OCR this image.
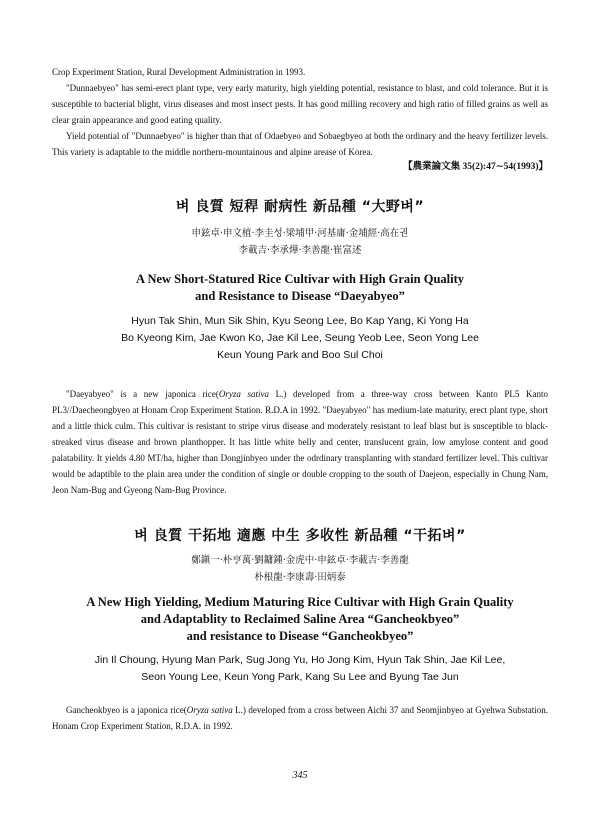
Crop Experiment Station, Rural Development Administration in 1993.

"Dunnaebyeo" has semi-erect plant type, very early maturity, high yielding potential, resistance to blast, and cold tolerance. But it is susceptible to bacterial blight, virus diseases and most insect pests. It has good milling recovery and high ratio of filled grains as well as clear grain appearance and good eating quality.

Yield potential of "Dunnaebyeo" is higher than that of Odaebyeo and Sobaegbyeo at both the ordinary and the heavy fertilizer levels. This variety is adaptable to the middle northern-mountainous and alpine arease of Korea.

【農業論文集 35(2):47∼54(1993)】

벼 良質 短稈 耐病性 新品種 “大野벼”

申鉉卓·申文植·李圭성·梁埔甲·河基庸·金埔經·高在권

李載吉·李承燁·李善龍·崔富述

A New Short-Statured Rice Cultivar with High Grain Quality

and Resistance to Disease “Daeyabyeo”

Hyun Tak Shin, Mun Sik Shin, Kyu Seong Lee, Bo Kap Yang, Ki Yong Ha

Bo Kyeong Kim, Jae Kwon Ko, Jae Kil Lee, Seung Yeob Lee, Seon Yong Lee

Keun Young Park and Boo Sul Choi

"Daeyabyeo" is a new japonica rice(Oryza sativa L.) developed from a three-way cross between Kanto PL5 Kanto PL3//Daecheongbyeo at Honam Crop Experiment Station. R.D.A in 1992. "Daeyabyeo" has medium-late maturity, erect plant type, short and a little thick culm. This cultivar is resistant to stripe virus disease and moderately resistant to leaf blast but is susceptible to black-streaked virus disease and brown planthopper. It has little white belly and center, translucent grain, low amylose content and good palatability. It yields 4.80 MT/ha, higher than Dongjinbyeo under the odrdinary transplanting with standard fertilizer level. This cultivar would be adaptible to the plain area under the condition of single or double cropping to the south of Daejeon, especially in Chung Nam, Jeon Nam-Bug and Gyeong Nam-Bug Province.

벼 良質 干拓地 適應 中生 多收性 新品種 “干拓벼”

鄭鎭一·朴亨萬·劉鏞鍾·金虎中·申鉉卓·李載吉·李善龍

朴根龍·李康壽·田炳泰

A New High Yielding, Medium Maturing Rice Cultivar with High Grain Quality

and Adaptablity to Reclaimed Saline Area “Gancheokbyeo”

and resistance to Disease “Gancheokbyeo”

Jin Il Choung, Hyung Man Park, Sug Jong Yu, Ho Jong Kim, Hyun Tak Shin, Jae Kil Lee,

Seon Young Lee, Keun Yong Park, Kang Su Lee and Byung Tae Jun

Gancheokbyeo is a japonica rice(Oryza sativa L.) developed from a cross between Aichi 37 and Seomjinbyeo at Gyehwa Substation. Honam Crop Experiment Station, R.D.A. in 1992.

345
